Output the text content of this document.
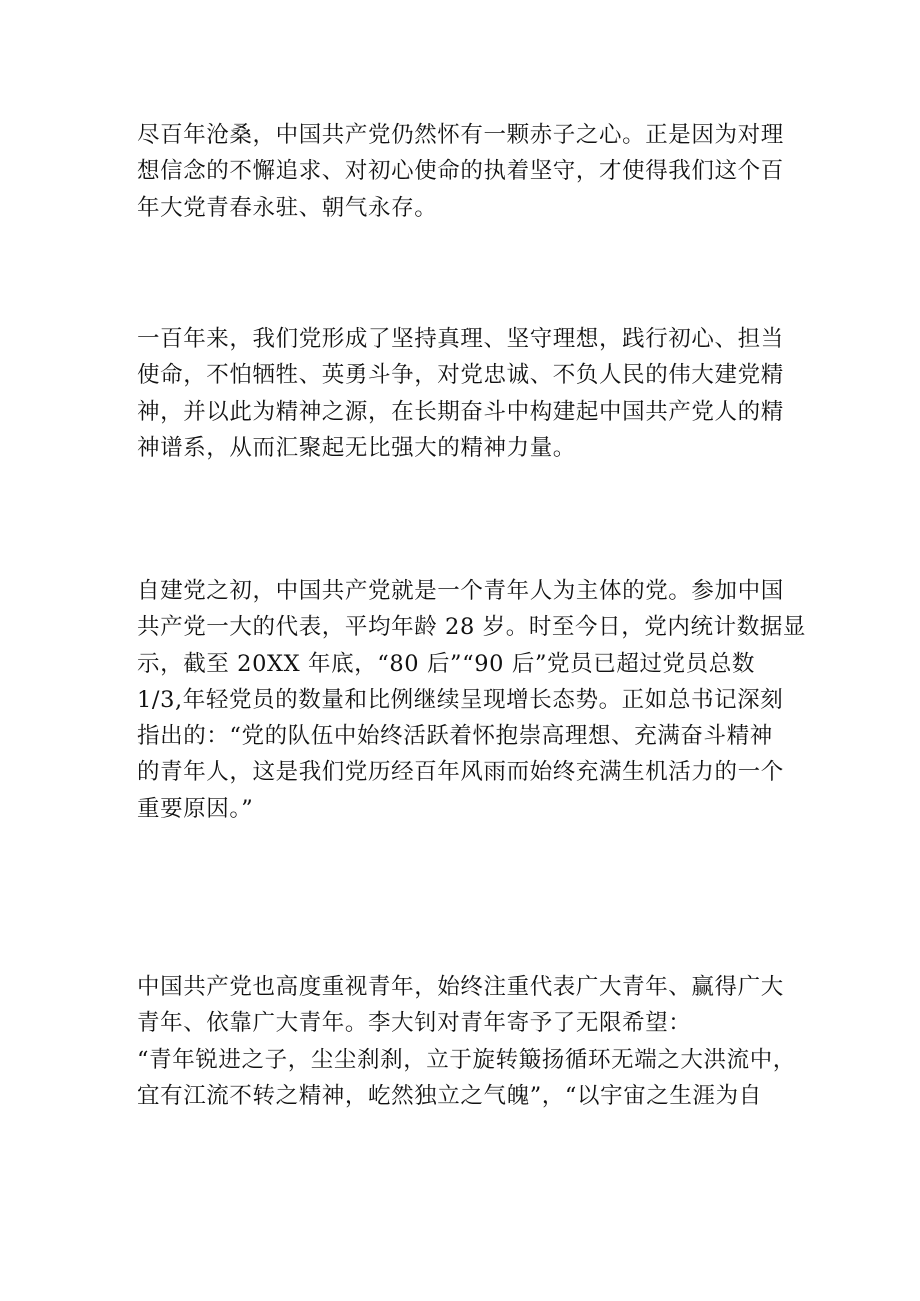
尽百年沧桑，中国共产党仍然怀有一颗赤子之心。正是因为对理
想信念的不懈追求、对初心使命的执着坚守，才使得我们这个百
年大党青春永驻、朝气永存。

一百年来，我们党形成了坚持真理、坚守理想，践行初心、担当
使命，不怕牺牲、英勇斗争，对党忠诚、不负人民的伟大建党精
神，并以此为精神之源，在长期奋斗中构建起中国共产党人的精
神谱系，从而汇聚起无比强大的精神力量。

自建党之初，中国共产党就是一个青年人为主体的党。参加中国
共产党一大的代表，平均年龄 28 岁。时至今日，党内统计数据显
示，截至 20XX 年底，“80 后”“90 后”党员已超过党员总数
1/3,年轻党员的数量和比例继续呈现增长态势。正如总书记深刻
指出的：“党的队伍中始终活跃着怀抱崇高理想、充满奋斗精神
的青年人，这是我们党历经百年风雨而始终充满生机活力的一个
重要原因。”

中国共产党也高度重视青年，始终注重代表广大青年、赢得广大
青年、依靠广大青年。李大钊对青年寄予了无限希望：
“青年锐进之子，尘尘刹刹，立于旋转簸扬循环无端之大洪流中，
宜有江流不转之精神，屹然独立之气魄”，“以宇宙之生涯为自
